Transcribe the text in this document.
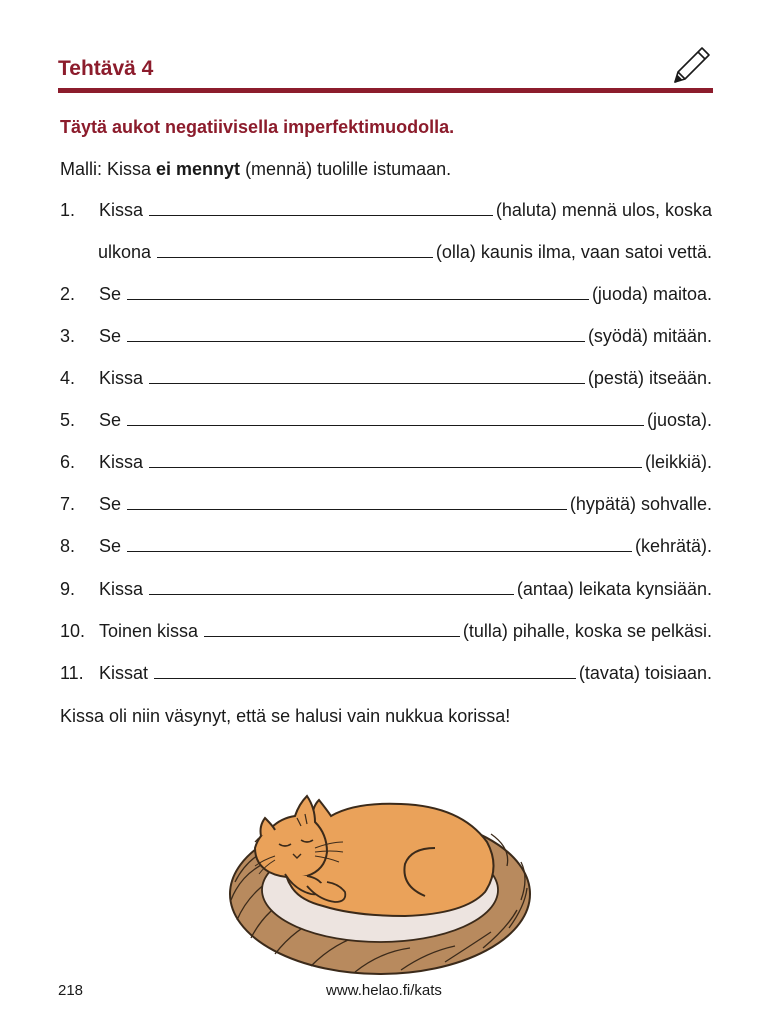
Tehtävä 4
Täytä aukot negatiivisella imperfektimuodolla.
Malli: Kissa ei mennyt (mennä) tuolille istumaan.
1.	Kissa	(haluta) mennä ulos, koska
ulkona	(olla) kaunis ilma, vaan satoi vettä.
2.	Se	(juoda) maitoa.
3.	Se	(syödä) mitään.
4.	Kissa	(pestä) itseään.
5.	Se	(juosta).
6.	Kissa	(leikkiä).
7.	Se	(hypätä) sohvalle.
8.	Se	(kehrätä).
9.	Kissa	(antaa) leikata kynsiään.
10. Toinen kissa	(tulla) pihalle, koska se pelkäsi.
11. Kissat	(tavata) toisiaan.
Kissa oli niin väsynyt, että se halusi vain nukkua korissa!
218	www.helao.fi/kats
